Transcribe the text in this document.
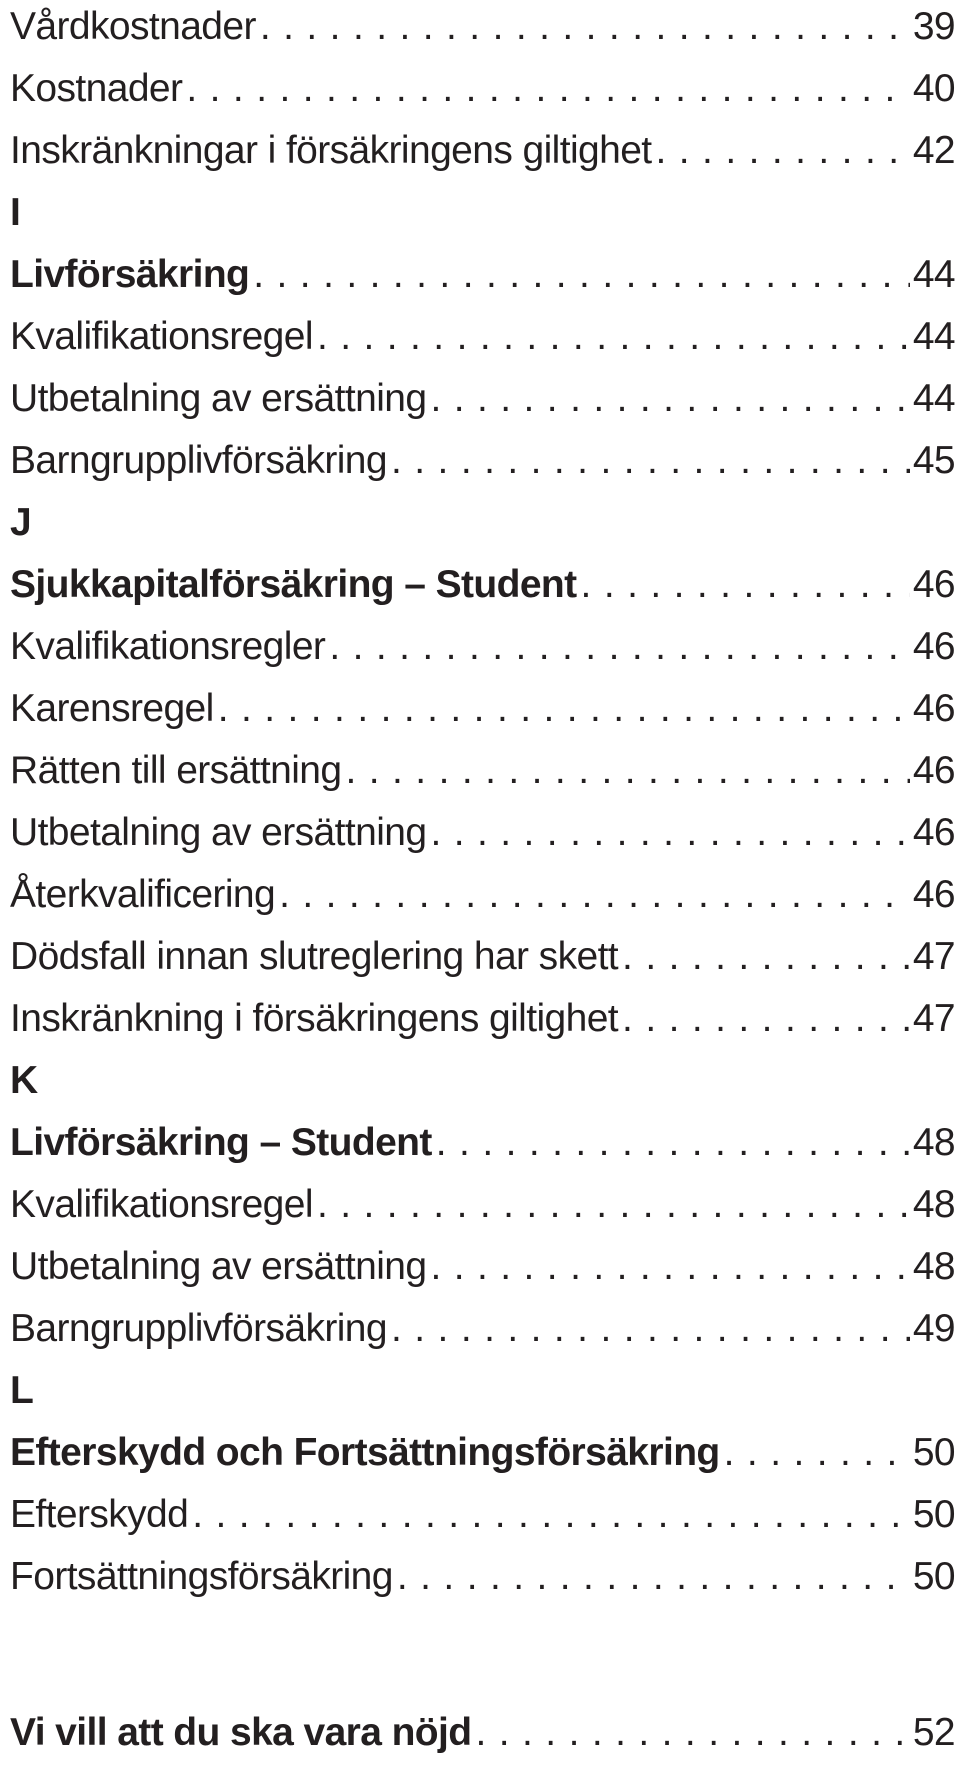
Vårdkostnader . . .	39
Kostnader . . .	40
Inskränkningar i försäkringens giltighet . . .	42
I
Livförsäkring . . .	44
Kvalifikationsregel . . .	44
Utbetalning av ersättning . . .	44
Barngrupplivförsäkring . . .	45
J
Sjukkapitalförsäkring – Student . . .	46
Kvalifikationsregler . . .	46
Karensregel . . .	46
Rätten till ersättning . . .	46
Utbetalning av ersättning . . .	46
Återkvalificering . . .	46
Dödsfall innan slutreglering har skett . . .	47
Inskränkning i försäkringens giltighet . . .	47
K
Livförsäkring – Student . . .	48
Kvalifikationsregel . . .	48
Utbetalning av ersättning . . .	48
Barngrupplivförsäkring . . .	49
L
Efterskydd och Fortsättningsförsäkring . . .	50
Efterskydd . . .	50
Fortsättningsförsäkring . . .	50
Vi vill att du ska vara nöjd . . .	52
